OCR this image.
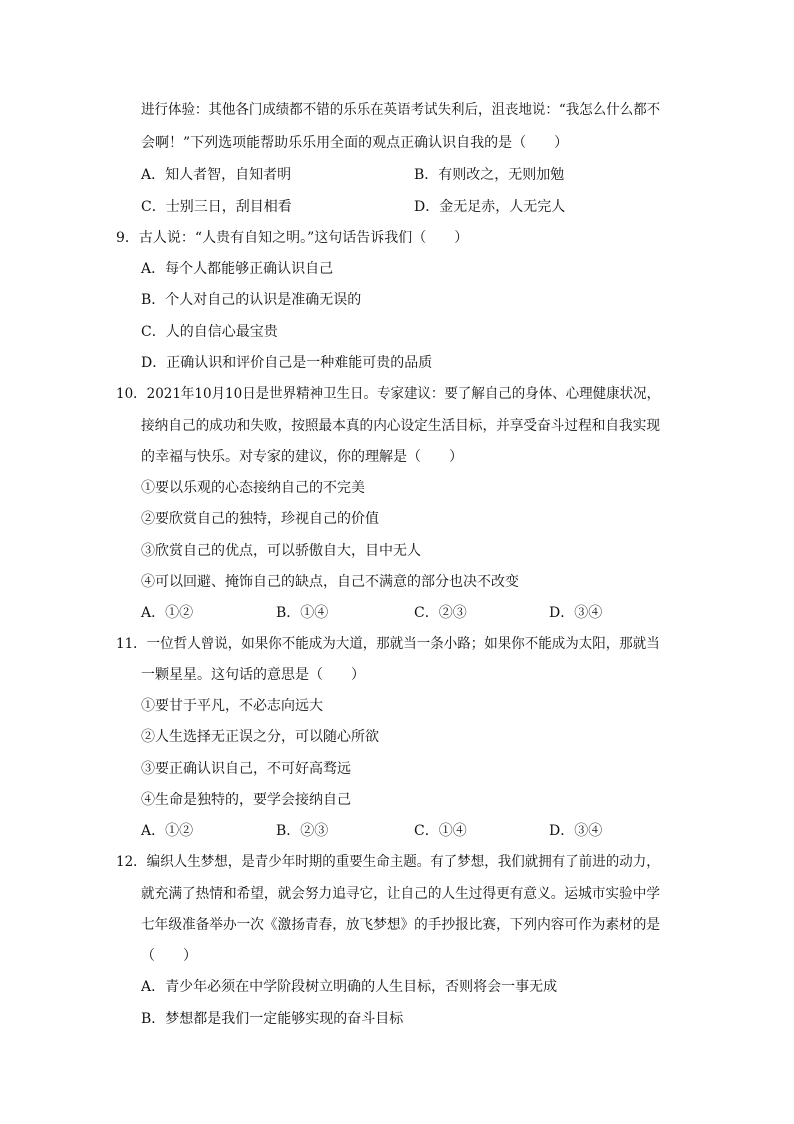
进行体验：其他各门成绩都不错的乐乐在英语考试失利后，沮丧地说：“我怎么什么都不
会啊！”下列选项能帮助乐乐用全面的观点正确认识自我的是（　　）
A．知人者智，自知者明	B．有则改之，无则加勉
C．士别三日，刮目相看	D．金无足赤，人无完人
9．古人说：“人贵有自知之明。”这句话告诉我们（　　）
A．每个人都能够正确认识自己
B．个人对自己的认识是准确无误的
C．人的自信心最宝贵
D．正确认识和评价自己是一种难能可贵的品质
10．2021年10月10日是世界精神卫生日。专家建议：要了解自己的身体、心理健康状况，
接纳自己的成功和失败，按照最本真的内心设定生活目标，并享受奋斗过程和自我实现
的幸福与快乐。对专家的建议，你的理解是（　　）
①要以乐观的心态接纳自己的不完美
②要欣赏自己的独特，珍视自己的价值
③欣赏自己的优点，可以骄傲自大，目中无人
④可以回避、掩饰自己的缺点，自己不满意的部分也决不改变
A．①②	B．①④	C．②③	D．③④
11．一位哲人曾说，如果你不能成为大道，那就当一条小路；如果你不能成为太阳，那就当
一颗星星。这句话的意思是（　　）
①要甘于平凡，不必志向远大
②人生选择无正误之分，可以随心所欲
③要正确认识自己，不可好高骛远
④生命是独特的，要学会接纳自己
A．①②	B．②③	C．①④	D．③④
12．编织人生梦想，是青少年时期的重要生命主题。有了梦想，我们就拥有了前进的动力，
就充满了热情和希望，就会努力追寻它，让自己的人生过得更有意义。运城市实验中学
七年级准备举办一次《激扬青春，放飞梦想》的手抄报比赛，下列内容可作为素材的是
（　　）
A．青少年必须在中学阶段树立明确的人生目标，否则将会一事无成
B．梦想都是我们一定能够实现的奋斗目标
